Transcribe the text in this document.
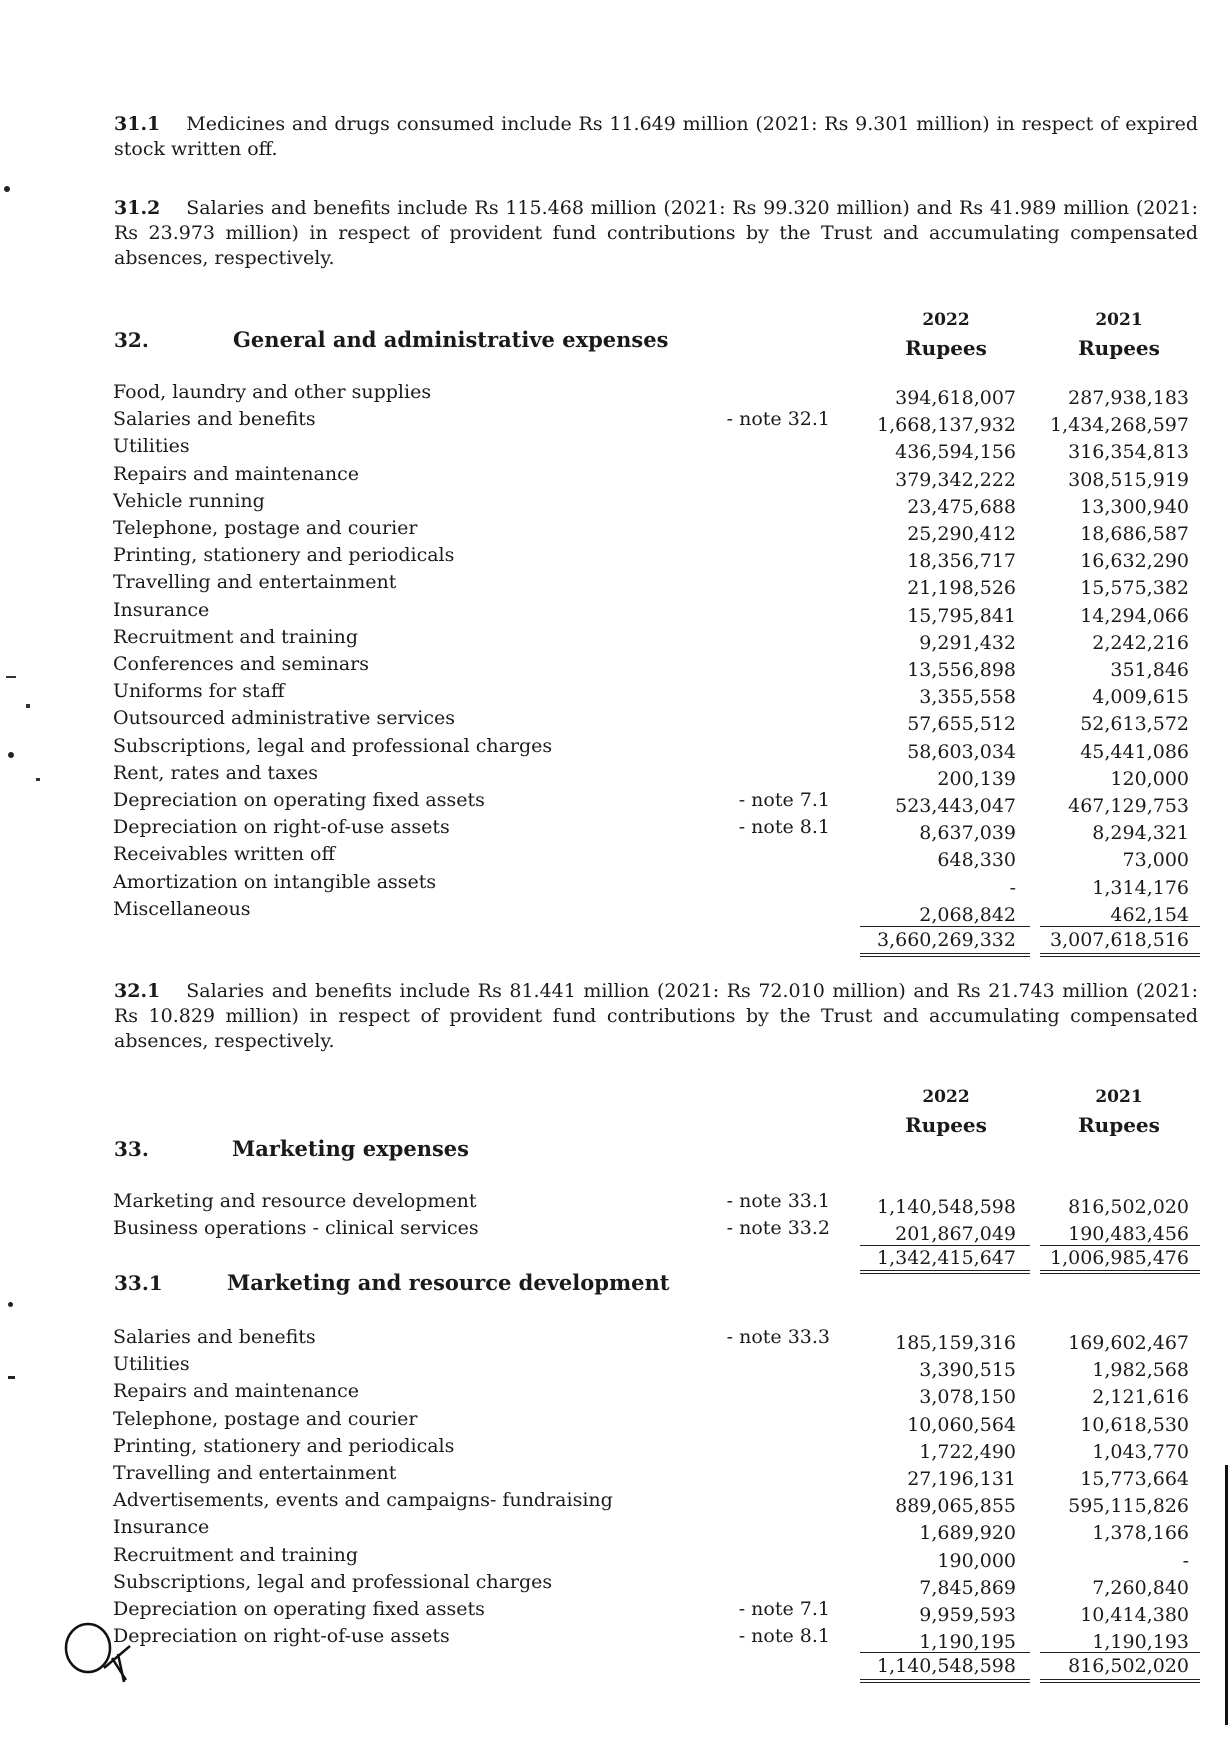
31.1 Medicines and drugs consumed include Rs 11.649 million (2021: Rs 9.301 million) in respect of expired stock written off.
31.2 Salaries and benefits include Rs 115.468 million (2021: Rs 99.320 million) and Rs 41.989 million (2021: Rs 23.973 million) in respect of provident fund contributions by the Trust and accumulating compensated absences, respectively.
32.	General and administrative expenses
2022
Rupees
2021
Rupees
Food, laundry and other supplies	394,618,007	287,938,183
Salaries and benefits	- note 32.1	1,668,137,932	1,434,268,597
Utilities	436,594,156	316,354,813
Repairs and maintenance	379,342,222	308,515,919
Vehicle running	23,475,688	13,300,940
Telephone, postage and courier	25,290,412	18,686,587
Printing, stationery and periodicals	18,356,717	16,632,290
Travelling and entertainment	21,198,526	15,575,382
Insurance	15,795,841	14,294,066
Recruitment and training	9,291,432	2,242,216
Conferences and seminars	13,556,898	351,846
Uniforms for staff	3,355,558	4,009,615
Outsourced administrative services	57,655,512	52,613,572
Subscriptions, legal and professional charges	58,603,034	45,441,086
Rent, rates and taxes	200,139	120,000
Depreciation on operating fixed assets	- note 7.1	523,443,047	467,129,753
Depreciation on right-of-use assets	- note 8.1	8,637,039	8,294,321
Receivables written off	648,330	73,000
Amortization on intangible assets	-	1,314,176
Miscellaneous	2,068,842	462,154
3,660,269,332	3,007,618,516
32.1 Salaries and benefits include Rs 81.441 million (2021: Rs 72.010 million) and Rs 21.743 million (2021: Rs 10.829 million) in respect of provident fund contributions by the Trust and accumulating compensated absences, respectively.
2022
Rupees
2021
Rupees
33.	Marketing expenses
Marketing and resource development	- note 33.1	1,140,548,598	816,502,020
Business operations - clinical services	- note 33.2	201,867,049	190,483,456
1,342,415,647	1,006,985,476
33.1	Marketing and resource development
Salaries and benefits	- note 33.3	185,159,316	169,602,467
Utilities	3,390,515	1,982,568
Repairs and maintenance	3,078,150	2,121,616
Telephone, postage and courier	10,060,564	10,618,530
Printing, stationery and periodicals	1,722,490	1,043,770
Travelling and entertainment	27,196,131	15,773,664
Advertisements, events and campaigns- fundraising	889,065,855	595,115,826
Insurance	1,689,920	1,378,166
Recruitment and training	190,000	-
Subscriptions, legal and professional charges	7,845,869	7,260,840
Depreciation on operating fixed assets	- note 7.1	9,959,593	10,414,380
Depreciation on right-of-use assets	- note 8.1	1,190,195	1,190,193
1,140,548,598	816,502,020
